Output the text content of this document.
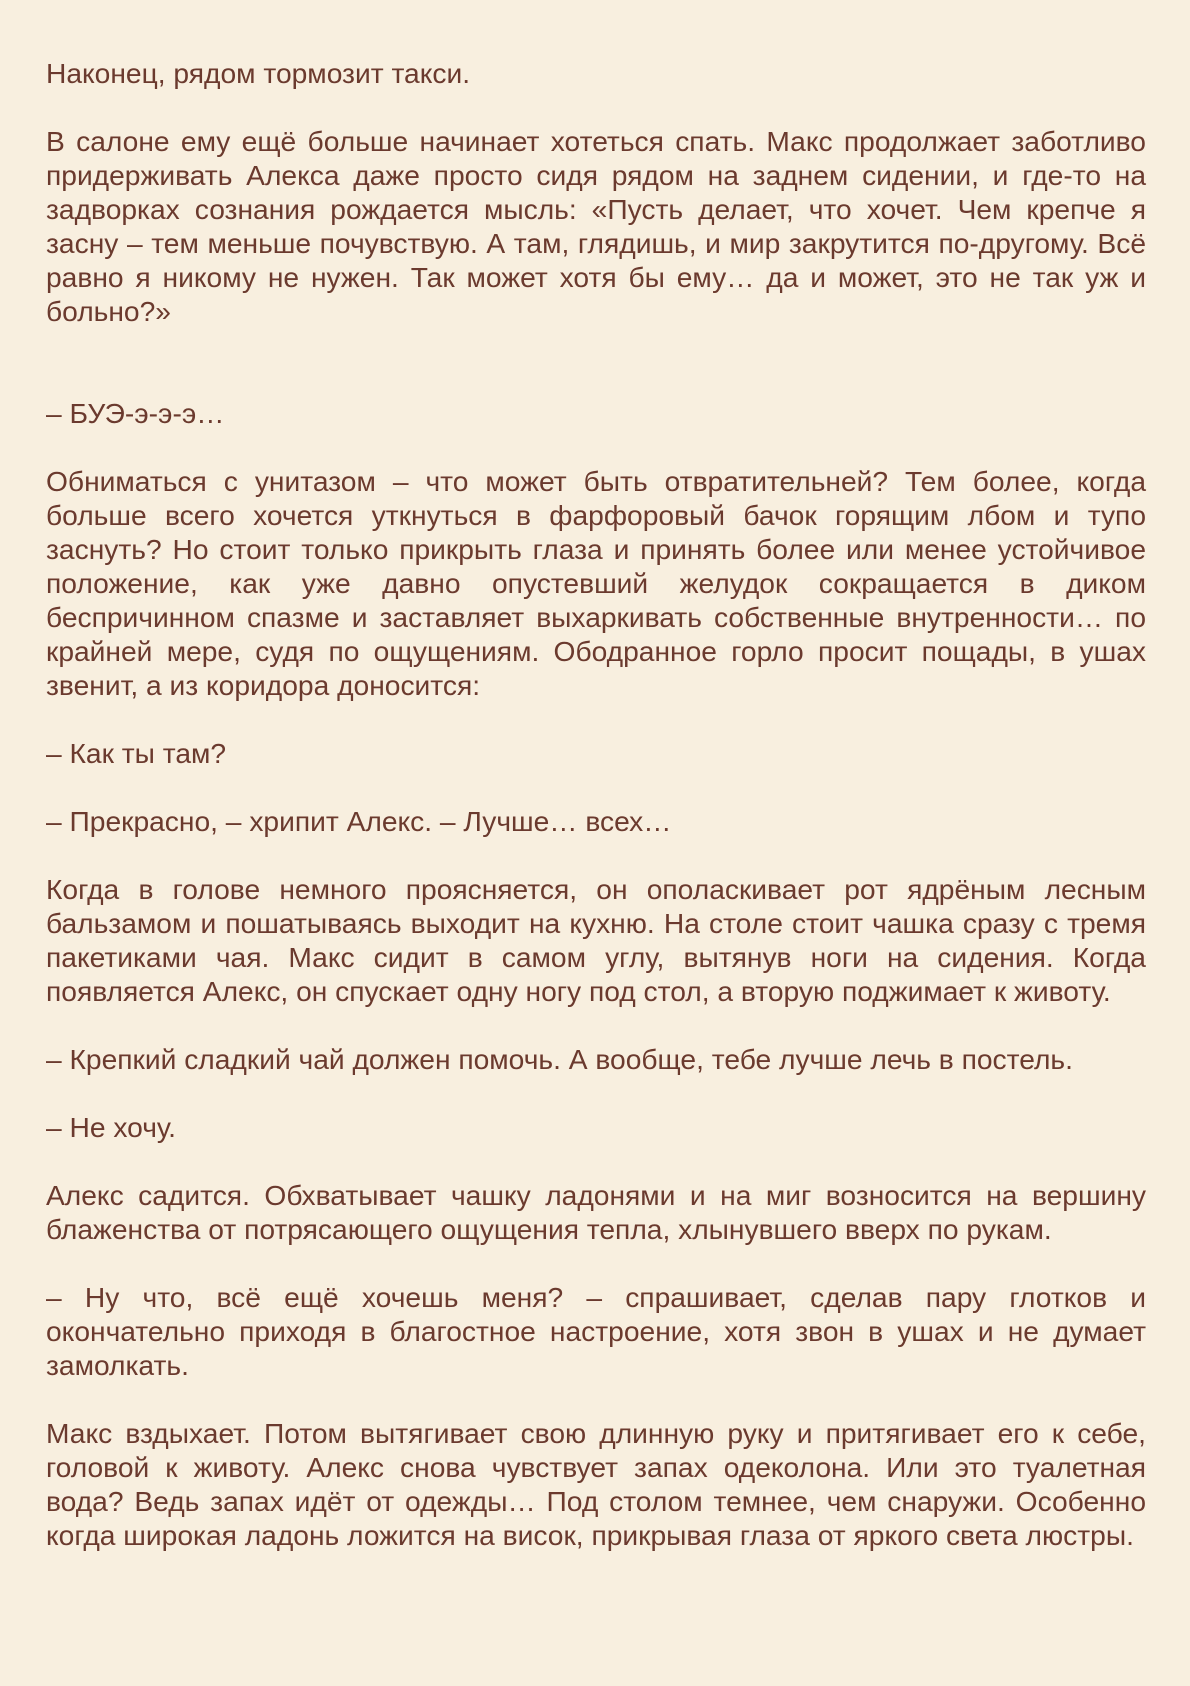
Наконец, рядом тормозит такси.

В салоне ему ещё больше начинает хотеться спать. Макс продолжает заботливо придерживать Алекса даже просто сидя рядом на заднем сидении, и где-то на задворках сознания рождается мысль: «Пусть делает, что хочет. Чем крепче я засну – тем меньше почувствую. А там, глядишь, и мир закрутится по-другому. Всё равно я никому не нужен. Так может хотя бы ему… да и может, это не так уж и больно?»

– БУЭ-э-э-э…

Обниматься с унитазом – что может быть отвратительней? Тем более, когда больше всего хочется уткнуться в фарфоровый бачок горящим лбом и тупо заснуть? Но стоит только прикрыть глаза и принять более или менее устойчивое положение, как уже давно опустевший желудок сокращается в диком беспричинном спазме и заставляет выхаркивать собственные внутренности… по крайней мере, судя по ощущениям. Ободранное горло просит пощады, в ушах звенит, а из коридора доносится:

– Как ты там?

– Прекрасно, – хрипит Алекс. – Лучше… всех…

Когда в голове немного проясняется, он ополаскивает рот ядрёным лесным бальзамом и пошатываясь выходит на кухню. На столе стоит чашка сразу с тремя пакетиками чая. Макс сидит в самом углу, вытянув ноги на сидения. Когда появляется Алекс, он спускает одну ногу под стол, а вторую поджимает к животу.

– Крепкий сладкий чай должен помочь. А вообще, тебе лучше лечь в постель.

– Не хочу.

Алекс садится. Обхватывает чашку ладонями и на миг возносится на вершину блаженства от потрясающего ощущения тепла, хлынувшего вверх по рукам.

– Ну что, всё ещё хочешь меня? – спрашивает, сделав пару глотков и окончательно приходя в благостное настроение, хотя звон в ушах и не думает замолкать.

Макс вздыхает. Потом вытягивает свою длинную руку и притягивает его к себе, головой к животу. Алекс снова чувствует запах одеколона. Или это туалетная вода? Ведь запах идёт от одежды… Под столом темнее, чем снаружи. Особенно когда широкая ладонь ложится на висок, прикрывая глаза от яркого света люстры.
